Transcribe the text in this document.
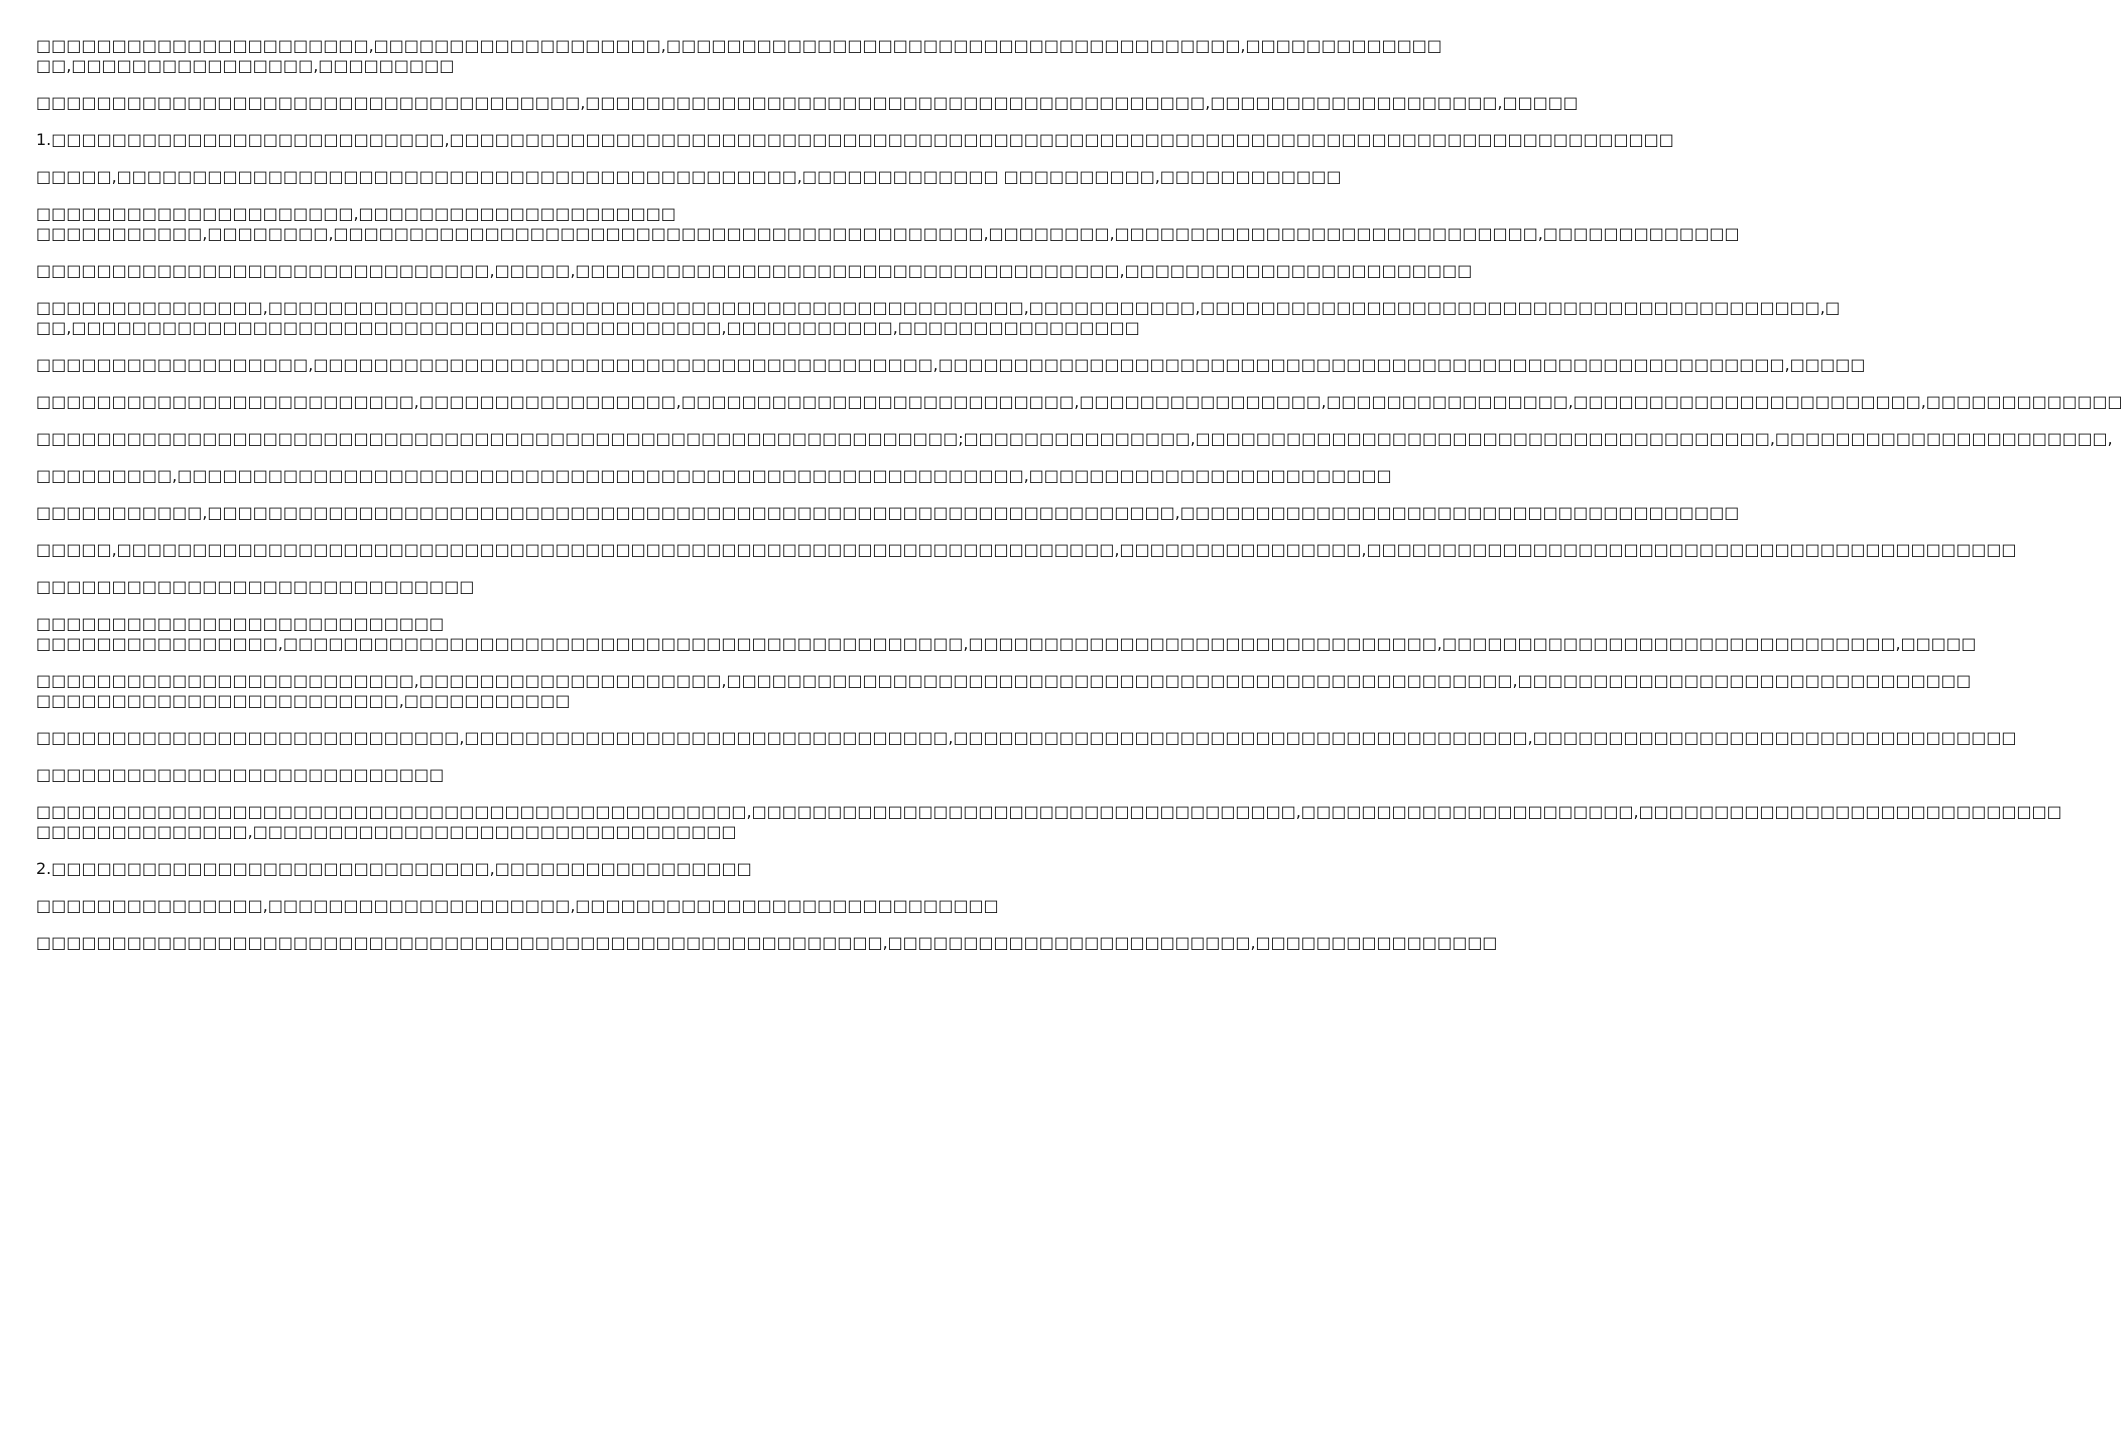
□□□□□□□□□□□□□□□□□□□□□□,□□□□□□□□□□□□□□□□□□□,□□□□□□□□□□□□□□□□□□□□□□□□□□□□□□□□□□□□□□,□□□□□□□□□□□□□
□□,□□□□□□□□□□□□□□□□,□□□□□□□□□
□□□□□□□□□□□□□□□□□□□□□□□□□□□□□□□□□□□□,□□□□□□□□□□□□□□□□□□□□□□□□□□□□□□□□□□□□□□□□□,□□□□□□□□□□□□□□□□□□□,□□□□□
1.□□□□□□□□□□□□□□□□□□□□□□□□□□,□□□□□□□□□□□□□□□□□□□□□□□□□□□□□□□□□□□□□□□□□□□□□□□□□□□□□□□□□□□□□□□□□□□□□□□□□□□□□□□□□
□□□□□,□□□□□□□□□□□□□□□□□□□□□□□□□□□□□□□□□□□□□□□□□□□□□,□□□□□□□□□□□□□ □□□□□□□□□□,□□□□□□□□□□□□
□□□□□□□□□□□□□□□□□□□□□,□□□□□□□□□□□□□□□□□□□□□
□□□□□□□□□□□,□□□□□□□□,□□□□□□□□□□□□□□□□□□□□□□□□□□□□□□□□□□□□□□□□□□□,□□□□□□□□,□□□□□□□□□□□□□□□□□□□□□□□□□□□□,□□□□□□□□□□□□□
□□□□□□□□□□□□□□□□□□□□□□□□□□□□□□,□□□□□,□□□□□□□□□□□□□□□□□□□□□□□□□□□□□□□□□□□□,□□□□□□□□□□□□□□□□□□□□□□□
□□□□□□□□□□□□□□□,□□□□□□□□□□□□□□□□□□□□□□□□□□□□□□□□□□□□□□□□□□□□□□□□□□,□□□□□□□□□□□,□□□□□□□□□□□□□□□□□□□□□□□□□□□□□□□□□□□□□□□□□,□
□□,□□□□□□□□□□□□□□□□□□□□□□□□□□□□□□□□□□□□□□□□□□□,□□□□□□□□□□□,□□□□□□□□□□□□□□□□
□□□□□□□□□□□□□□□□□□,□□□□□□□□□□□□□□□□□□□□□□□□□□□□□□□□□□□□□□□□□,□□□□□□□□□□□□□□□□□□□□□□□□□□□□□□□□□□□□□□□□□□□□□□□□□□□□□□□□,□□□□□
□□□□□□□□□□□□□□□□□□□□□□□□□,□□□□□□□□□□□□□□□□□,□□□□□□□□□□□□□□□□□□□□□□□□□□,□□□□□□□□□□□□□□□□,□□□□□□□□□□□□□□□□,□□□□□□□□□□□□□□□□□□□□□□□,□□□□□□□□□□□□□
□□□□□□□□□□□□□□□□□□□□□□□□□□□□□□□□□□□□□□□□□□□□□□□□□□□□□□□□□□□□□;□□□□□□□□□□□□□□□,□□□□□□□□□□□□□□□□□□□□□□□□□□□□□□□□□□□□□□,□□□□□□□□□□□□□□□□□□□□□□,
□□□□□□□□□,□□□□□□□□□□□□□□□□□□□□□□□□□□□□□□□□□□□□□□□□□□□□□□□□□□□□□□□□,□□□□□□□□□□□□□□□□□□□□□□□□
□□□□□□□□□□□,□□□□□□□□□□□□□□□□□□□□□□□□□□□□□□□□□□□□□□□□□□□□□□□□□□□□□□□□□□□□□□□□,□□□□□□□□□□□□□□□□□□□□□□□□□□□□□□□□□□□□□
□□□□□,□□□□□□□□□□□□□□□□□□□□□□□□□□□□□□□□□□□□□□□□□□□□□□□□□□□□□□□□□□□□□□□□□□,□□□□□□□□□□□□□□□□,□□□□□□□□□□□□□□□□□□□□□□□□□□□□□□□□□□□□□□□□□□□
□□□□□□□□□□□□□□□□□□□□□□□□□□□□□
□□□□□□□□□□□□□□□□□□□□□□□□□□□
□□□□□□□□□□□□□□□□,□□□□□□□□□□□□□□□□□□□□□□□□□□□□□□□□□□□□□□□□□□□□□,□□□□□□□□□□□□□□□□□□□□□□□□□□□□□□□,□□□□□□□□□□□□□□□□□□□□□□□□□□□□□□,□□□□□
□□□□□□□□□□□□□□□□□□□□□□□□□,□□□□□□□□□□□□□□□□□□□□,□□□□□□□□□□□□□□□□□□□□□□□□□□□□□□□□□□□□□□□□□□□□□□□□□□□□,□□□□□□□□□□□□□□□□□□□□□□□□□□□□□□
□□□□□□□□□□□□□□□□□□□□□□□□,□□□□□□□□□□□
□□□□□□□□□□□□□□□□□□□□□□□□□□□□,□□□□□□□□□□□□□□□□□□□□□□□□□□□□□□□□,□□□□□□□□□□□□□□□□□□□□□□□□□□□□□□□□□□□□□□,□□□□□□□□□□□□□□□□□□□□□□□□□□□□□□□□
□□□□□□□□□□□□□□□□□□□□□□□□□□□
□□□□□□□□□□□□□□□□□□□□□□□□□□□□□□□□□□□□□□□□□□□□□□□,□□□□□□□□□□□□□□□□□□□□□□□□□□□□□□□□□□□□,□□□□□□□□□□□□□□□□□□□□□□,□□□□□□□□□□□□□□□□□□□□□□□□□□□□
□□□□□□□□□□□□□□,□□□□□□□□□□□□□□□□□□□□□□□□□□□□□□□□
2.□□□□□□□□□□□□□□□□□□□□□□□□□□□□□,□□□□□□□□□□□□□□□□□
□□□□□□□□□□□□□□□,□□□□□□□□□□□□□□□□□□□□,□□□□□□□□□□□□□□□□□□□□□□□□□□□□
□□□□□□□□□□□□□□□□□□□□□□□□□□□□□□□□□□□□□□□□□□□□□□□□□□□□□□□□,□□□□□□□□□□□□□□□□□□□□□□□□,□□□□□□□□□□□□□□□□
